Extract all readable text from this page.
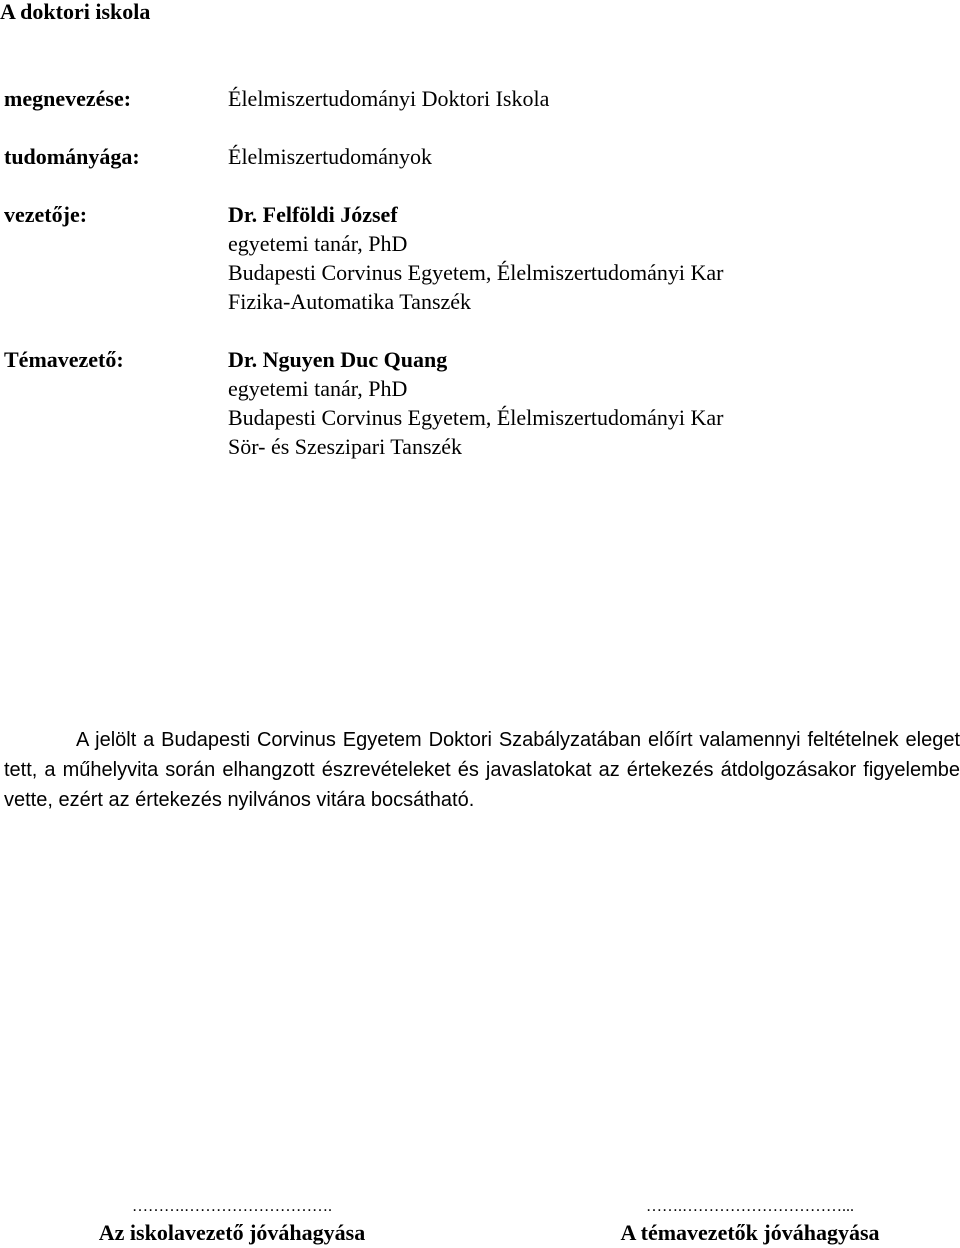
A doktori iskola
megnevezése:	Élelmiszertudományi Doktori Iskola
tudományága:	Élelmiszertudományok
vezetője:	Dr. Felföldi József
egyetemi tanár, PhD
Budapesti Corvinus Egyetem, Élelmiszertudományi Kar
Fizika-Automatika Tanszék
Témavezető:	Dr. Nguyen Duc Quang
egyetemi tanár, PhD
Budapesti Corvinus Egyetem, Élelmiszertudományi Kar
Sör- és Szeszipari Tanszék
A jelölt a Budapesti Corvinus Egyetem Doktori Szabályzatában előírt valamennyi feltételnek eleget tett, a műhelyvita során elhangzott észrevételeket és javaslatokat az értekezés átdolgozásakor figyelembe vette, ezért az értekezés nyilvános vitára bocsátható.
……….……………………….
Az iskolavezető jóváhagyása
…….…………………………...
A témavezetők jóváhagyása
